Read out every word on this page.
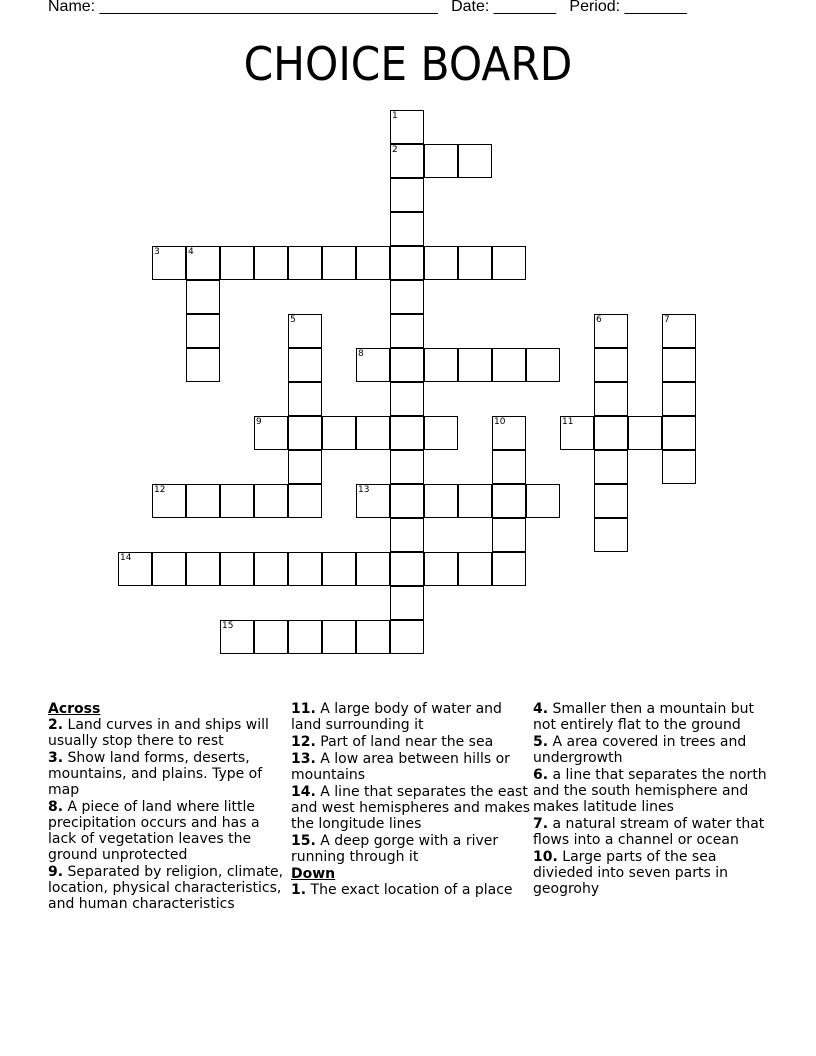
Name: ______________________________________ Date: _______ Period: _______
CHOICE BOARD
1
2
3	4
5	6	7
8
9	10	11
12	13
14
15

Across

2. Land curves in and ships will usually stop there to rest

3. Show land forms, deserts, mountains, and plains. Type of map

8. A piece of land where little precipitation occurs and has a lack of vegetation leaves the ground unprotected

9. Separated by religion, climate, location, physical characteristics, and human characteristics

11. A large body of water and land surrounding it

12. Part of land near the sea

13. A low area between hills or mountains

14. A line that separates the east and west hemispheres and makes the longitude lines

15. A deep gorge with a river running through it

Down

1. The exact location of a place

4. Smaller then a mountain but not entirely flat to the ground

5. A area covered in trees and undergrowth

6. a line that separates the north and the south hemisphere and makes latitude lines

7. a natural stream of water that flows into a channel or ocean

10. Large parts of the sea divieded into seven parts in geogrohy
